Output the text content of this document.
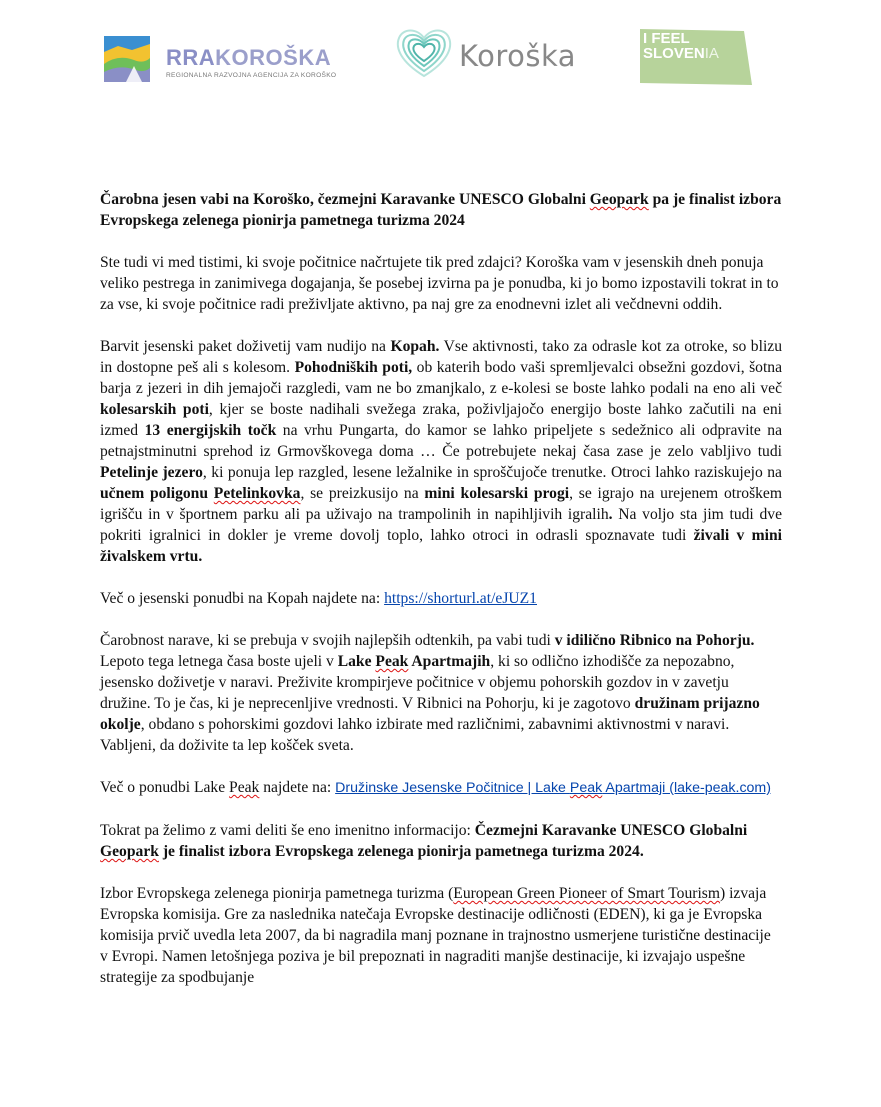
RRAKOROŠKA
REGIONALNA RAZVOJNA AGENCIJA ZA KOROŠKO
Koroška
I FEEL
SLOVENIA

Čarobna jesen vabi na Koroško, čezmejni Karavanke UNESCO Globalni Geopark pa je finalist izbora Evropskega zelenega pionirja pametnega turizma 2024

Ste tudi vi med tistimi, ki svoje počitnice načrtujete tik pred zdajci? Koroška vam v jesenskih dneh ponuja veliko pestrega in zanimivega dogajanja, še posebej izvirna pa je ponudba, ki jo bomo izpostavili tokrat in to za vse, ki svoje počitnice radi preživljate aktivno, pa naj gre za enodnevni izlet ali večdnevni oddih.

Barvit jesenski paket doživetij vam nudijo na Kopah. Vse aktivnosti, tako za odrasle kot za otroke, so blizu in dostopne peš ali s kolesom. Pohodniških poti, ob katerih bodo vaši spremljevalci obsežni gozdovi, šotna barja z jezeri in dih jemajoči razgledi, vam ne bo zmanjkalo, z e-kolesi se boste lahko podali na eno ali več kolesarskih poti, kjer se boste nadihali svežega zraka, poživljajočo energijo boste lahko začutili na eni izmed 13 energijskih točk na vrhu Pungarta, do kamor se lahko pripeljete s sedežnico ali odpravite na petnajstminutni sprehod iz Grmovškovega doma … Če potrebujete nekaj časa zase je zelo vabljivo tudi Petelinje jezero, ki ponuja lep razgled, lesene ležalnike in sproščujoče trenutke. Otroci lahko raziskujejo na učnem poligonu Petelinkovka, se preizkusijo na mini kolesarski progi, se igrajo na urejenem otroškem igrišču in v športnem parku ali pa uživajo na trampolinih in napihljivih igralih. Na voljo sta jim tudi dve pokriti igralnici in dokler je vreme dovolj toplo, lahko otroci in odrasli spoznavate tudi živali v mini živalskem vrtu.

Več o jesenski ponudbi na Kopah najdete na: https://shorturl.at/eJUZ1

Čarobnost narave, ki se prebuja v svojih najlepših odtenkih, pa vabi tudi v idilično Ribnico na Pohorju. Lepoto tega letnega časa boste ujeli v Lake Peak Apartmajih, ki so odlično izhodišče za nepozabno, jesensko doživetje v naravi. Preživite krompirjeve počitnice v objemu pohorskih gozdov in v zavetju družine. To je čas, ki je neprecenljive vrednosti. V Ribnici na Pohorju, ki je zagotovo družinam prijazno okolje, obdano s pohorskimi gozdovi lahko izbirate med različnimi, zabavnimi aktivnostmi v naravi. Vabljeni, da doživite ta lep košček sveta.

Več o ponudbi Lake Peak najdete na: Družinske Jesenske Počitnice | Lake Peak Apartmaji (lake-peak.com)

Tokrat pa želimo z vami deliti še eno imenitno informacijo: Čezmejni Karavanke UNESCO Globalni Geopark je finalist izbora Evropskega zelenega pionirja pametnega turizma 2024.

Izbor Evropskega zelenega pionirja pametnega turizma (European Green Pioneer of Smart Tourism) izvaja Evropska komisija. Gre za naslednika natečaja Evropske destinacije odličnosti (EDEN), ki ga je Evropska komisija prvič uvedla leta 2007, da bi nagradila manj poznane in trajnostno usmerjene turistične destinacije v Evropi. Namen letošnjega poziva je bil prepoznati in nagraditi manjše destinacije, ki izvajajo uspešne strategije za spodbujanje
